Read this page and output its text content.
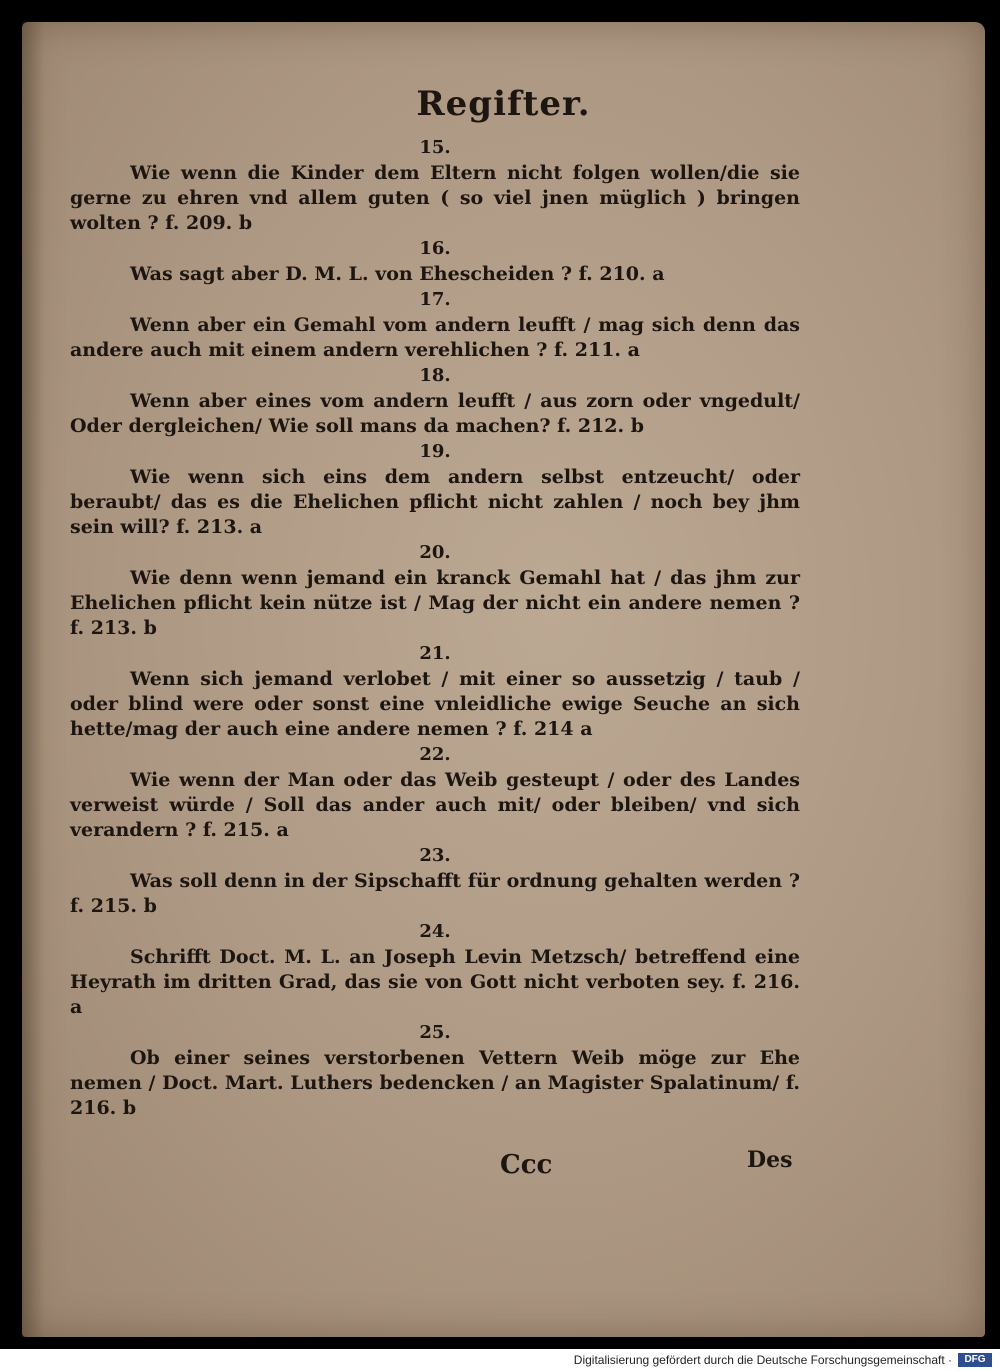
Regifter.
15.
Wie wenn die Kinder dem Eltern nicht folgen wollen/die sie gerne zu ehren vnd allem guten ( so viel jnen müglich ) bringen wolten ? f. 209. b
16.
Was sagt aber D. M. L. von Ehescheiden ? f. 210. a
17.
Wenn aber ein Gemahl vom andern leufft / mag sich denn das andere auch mit einem andern verehlichen ? f. 211. a
18.
Wenn aber eines vom andern leufft / aus zorn oder vngedult/ Oder dergleichen/ Wie soll mans da machen? f. 212. b
19.
Wie wenn sich eins dem andern selbst entzeucht/ oder beraubt/ das es die Ehelichen pflicht nicht zahlen / noch bey jhm sein will? f. 213. a
20.
Wie denn wenn jemand ein kranck Gemahl hat / das jhm zur Ehelichen pflicht kein nütze ist / Mag der nicht ein andere nemen ? f. 213. b
21.
Wenn sich jemand verlobet / mit einer so aussetzig / taub / oder blind were oder sonst eine vnleidliche ewige Seuche an sich hette/mag der auch eine andere nemen ? f. 214 a
22.
Wie wenn der Man oder das Weib gesteupt / oder des Landes verweist würde / Soll das ander auch mit/ oder bleiben/ vnd sich verandern ? f. 215. a
23.
Was soll denn in der Sipschafft für ordnung gehalten werden ? f. 215. b
24.
Schrifft Doct. M. L. an Joseph Levin Metzsch/ betreffend eine Heyrath im dritten Grad, das sie von Gott nicht verboten sey. f. 216. a
25.
Ob einer seines verstorbenen Vettern Weib möge zur Ehe nemen / Doct. Mart. Luthers bedencken / an Magister Spalatinum/ f. 216. b
Ccc	Des
Digitalisierung gefördert durch die Deutsche Forschungsgemeinschaft ·	DFG
